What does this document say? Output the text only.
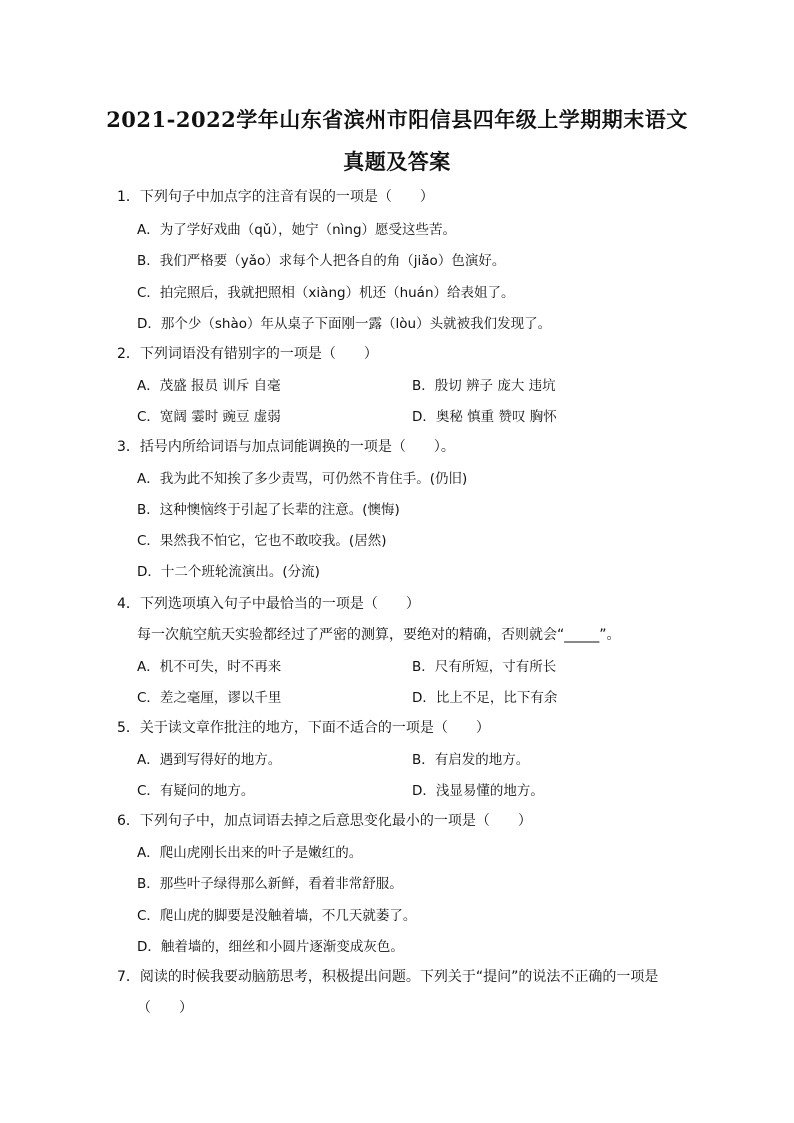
2021-2022学年山东省滨州市阳信县四年级上学期期末语文
真题及答案
1．下列句子中加点字的注音有误的一项是（　　）
A．为了学好戏曲（qǔ），她宁（nìng）愿受这些苦。
B．我们严格要（yǎo）求每个人把各自的角（jiǎo）色演好。
C．拍完照后，我就把照相（xiàng）机还（huán）给表姐了。
D．那个少（shào）年从桌子下面刚一露（lòu）头就被我们发现了。
2．下列词语没有错别字的一项是（　　）
A．茂盛 报员 训斥 自毫	B．殷切 辨子 庞大 违坑
C．宽阔 霎时 豌豆 虚弱	D．奥秘 慎重 赞叹 胸怀
3．括号内所给词语与加点词能调换的一项是（　　）。
A．我为此不知挨了多少责骂，可仍然不肯住手。(仍旧)
B．这种懊恼终于引起了长辈的注意。(懊悔)
C．果然我不怕它，它也不敢咬我。(居然)
D．十二个班轮流演出。(分流)
4．下列选项填入句子中最恰当的一项是（　　）
每一次航空航天实验都经过了严密的测算，要绝对的精确，否则就会“_____”。
A．机不可失，时不再来	B．尺有所短，寸有所长
C．差之毫厘，谬以千里	D．比上不足，比下有余
5．关于读文章作批注的地方，下面不适合的一项是（　　）
A．遇到写得好的地方。	B．有启发的地方。
C．有疑问的地方。	D．浅显易懂的地方。
6．下列句子中，加点词语去掉之后意思变化最小的一项是（　　）
A．爬山虎刚长出来的叶子是嫩红的。
B．那些叶子绿得那么新鲜，看着非常舒服。
C．爬山虎的脚要是没触着墙，不几天就萎了。
D．触着墙的，细丝和小圆片逐渐变成灰色。
7．阅读的时候我要动脑筋思考，积极提出问题。下列关于“提问”的说法不正确的一项是
（　　）
